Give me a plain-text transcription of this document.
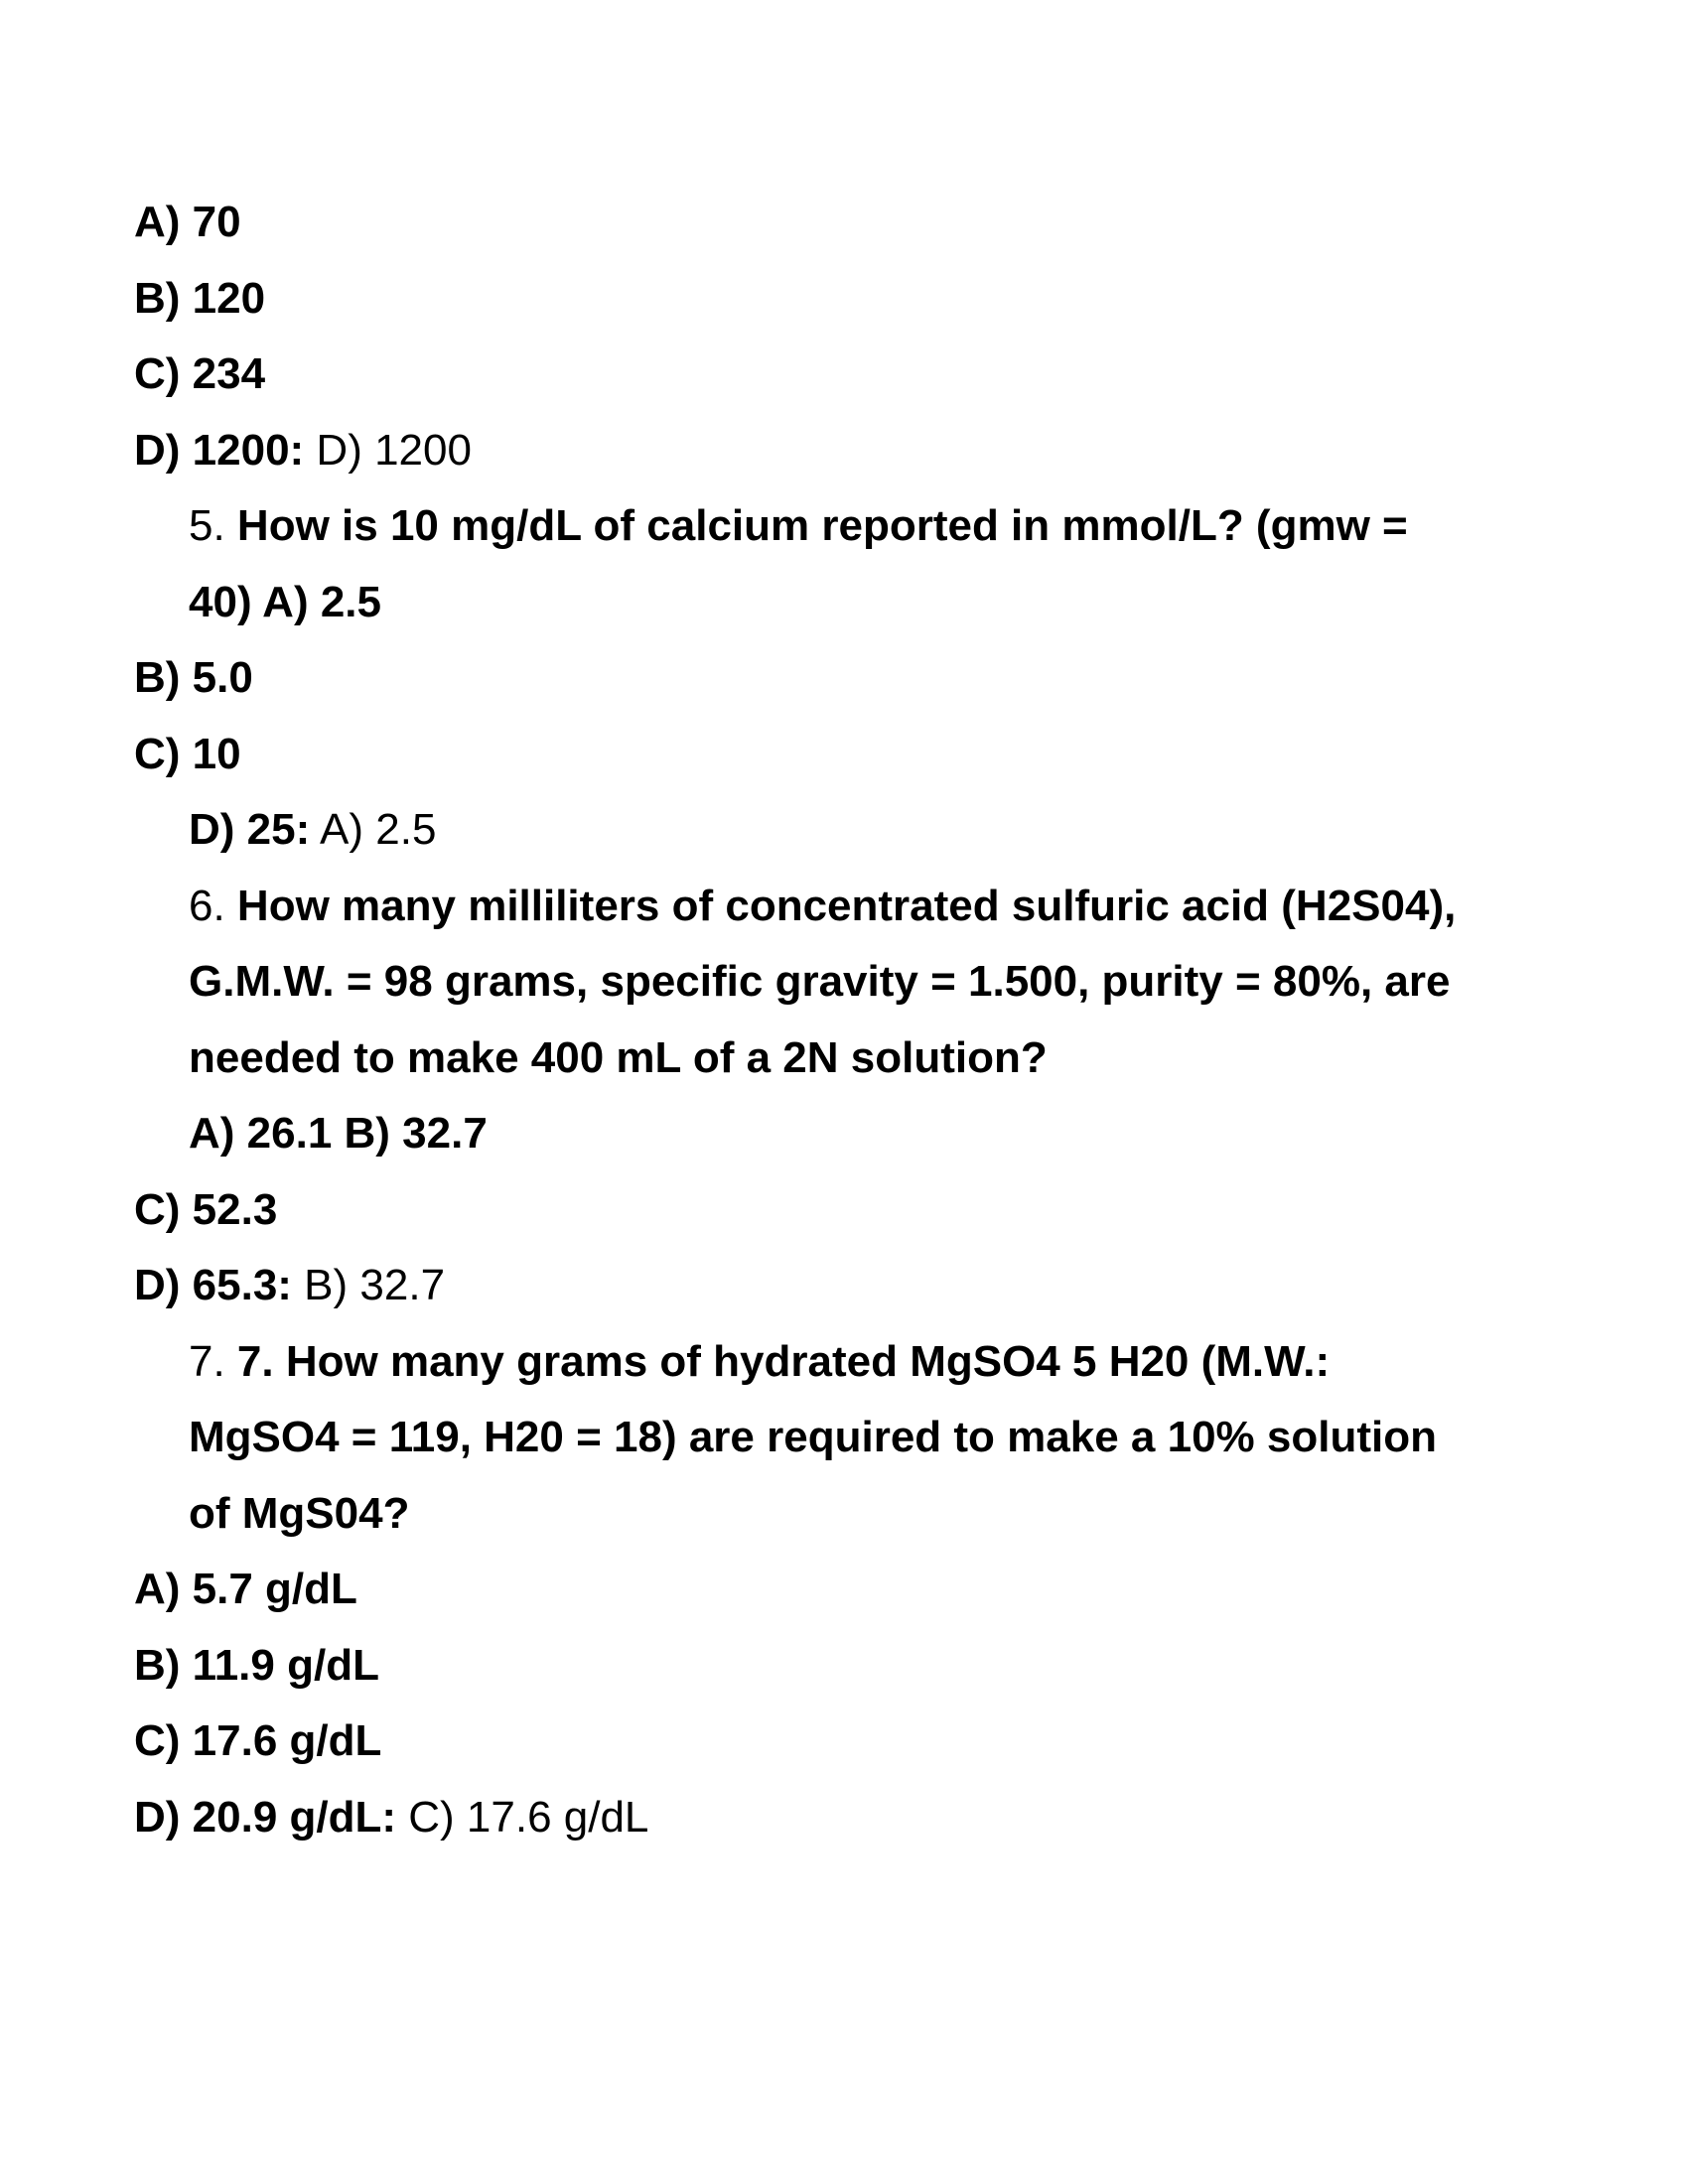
A) 70
B) 120
C) 234
D) 1200: D) 1200
5. How is 10 mg/dL of calcium reported in mmol/L? (gmw =
40) A) 2.5
B) 5.0
C) 10
D) 25: A) 2.5
6. How many milliliters of concentrated sulfuric acid (H2S04),
G.M.W. = 98 grams, specific gravity = 1.500, purity = 80%, are
needed to make 400 mL of a 2N solution?
A) 26.1 B) 32.7
C) 52.3
D) 65.3: B) 32.7
7. 7. How many grams of hydrated MgSO4 5 H20 (M.W.:
MgSO4 = 119, H20 = 18) are required to make a 10% solution
of MgS04?
A) 5.7 g/dL
B) 11.9 g/dL
C) 17.6 g/dL
D) 20.9 g/dL: C) 17.6 g/dL
